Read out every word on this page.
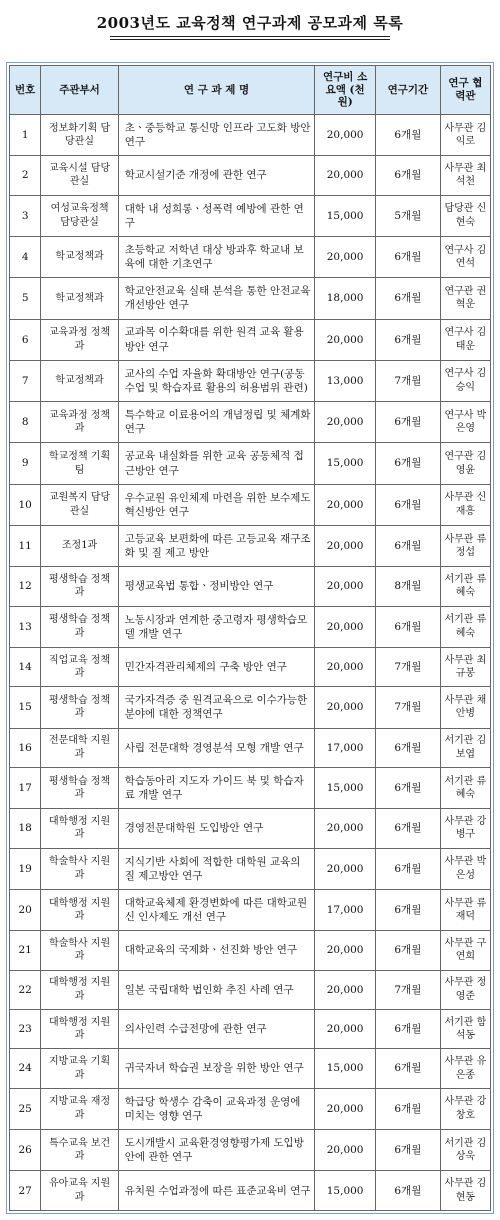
2003년도 교육정책 연구과제 공모과제 목록
번호	주관부서	연 구 과 제 명	연구비 소요액 (천원)	연구기간	연구 협력관
1	정보화기획 담당관실	초ㆍ중등학교 통신망 인프라 고도화 방안 연구	20,000	6개월	사무관 김익로
2	교육시설 담당관실	학교시설기준 개정에 관한 연구	20,000	6개월	사무관 최석천
3	여성교육정책 담당관실	대학 내 성희롱ㆍ성폭력 예방에 관한 연구	15,000	5개월	담당관 신현숙
4	학교정책과	초등학교 저학년 대상 방과후 학교내 보육에 대한 기초연구	20,000	6개월	연구사 김연석
5	학교정책과	학교안전교육 실태 분석을 통한 안전교육 개선방안 연구	18,000	6개월	연구관 권혁운
6	교육과정 정책과	교과목 이수확대를 위한 원격 교육 활용방안 연구	20,000	6개월	연구사 김태운
7	학교정책과	교사의 수업 자율화 확대방안 연구(공동수업 및 학습자료 활용의 허용범위 관련)	13,000	7개월	연구사 김승익
8	교육과정 정책과	특수학교 이료용어의 개념정립 및 체계화 연구	20,000	6개월	연구사 박은영
9	학교정책 기획팀	공교육 내실화를 위한 교육 공동체적 접근방안 연구	15,000	6개월	연구관 김영윤
10	교원복지 담당관실	우수교원 유인체제 마련을 위한 보수제도 혁신방안 연구	20,000	6개월	사무관 신재흥
11	조정1과	고등교육 보편화에 따른 고등교육 재구조화 및 질 제고 방안	20,000	6개월	사무관 류정섭
12	평생학습 정책과	평생교육법 통합ㆍ정비방안 연구	20,000	8개월	서기관 류혜숙
13	평생학습 정책과	노동시장과 연계한 중고령자 평생학습모델 개발 연구	20,000	6개월	서기관 류혜숙
14	직업교육 정책과	민간자격관리체제의 구축 방안 연구	20,000	7개월	사무관 최규봉
15	평생학습 정책과	국가자격증 중 원격교육으로 이수가능한 분야에 대한 정책연구	20,000	7개월	사무관 채안병
16	전문대학 지원과	사립 전문대학 경영분석 모형 개발 연구	17,000	6개월	서기관 김보엽
17	평생학습 정책과	학습동아리 지도자 가이드 북 및 학습자료 개발 연구	15,000	6개월	서기관 류혜숙
18	대학행정 지원과	경영전문대학원 도입방안 연구	20,000	6개월	사무관 강병구
19	학술학사 지원과	지식기반 사회에 적합한 대학원 교육의 질 제고방안 연구	20,000	6개월	사무관 박은성
20	대학행정 지원과	대학교육체제 환경변화에 따른 대학교원 신 인사제도 개선 연구	17,000	6개월	사무관 류재덕
21	학술학사 지원과	대학교육의 국제화ㆍ선진화 방안 연구	20,000	6개월	사무관 구연희
22	대학행정 지원과	일본 국립대학 법인화 추진 사례 연구	20,000	7개월	사무관 정영준
23	대학행정 지원과	의사인력 수급전망에 관한 연구	20,000	6개월	서기관 함석동
24	지방교육 기획과	귀국자녀 학습권 보장을 위한 방안 연구	15,000	6개월	사무관 유은종
25	지방교육 재정과	학급당 학생수 감축이 교육과정 운영에 미치는 영향 연구	20,000	6개월	사무관 강창호
26	특수교육 보건과	도시개발시 교육환경영향평가제 도입방안에 관한 연구	20,000	6개월	서기관 김상욱
27	유아교육 지원과	유치원 수업과정에 따른 표준교육비 연구	15,000	6개월	사무관 김현동
